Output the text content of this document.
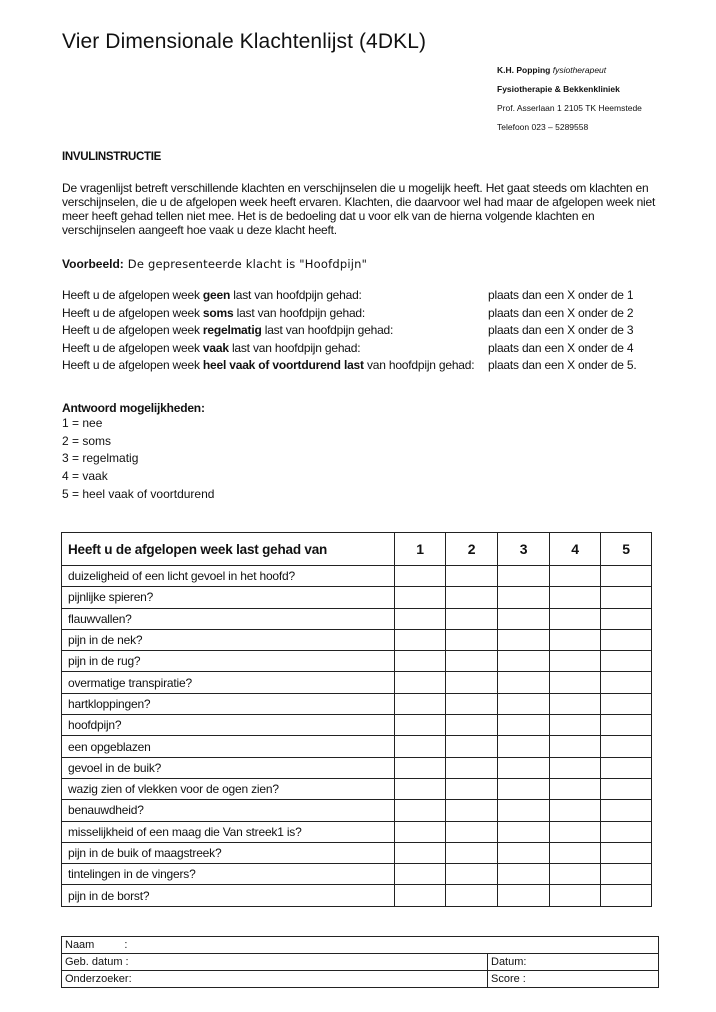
Vier Dimensionale Klachtenlijst (4DKL)
K.H. Popping fysiotherapeut
Fysiotherapie & Bekkenkliniek
Prof. Asserlaan 1 2105 TK Heemstede
Telefoon 023 – 5289558
INVULINSTRUCTIE

De vragenlijst betreft verschillende klachten en verschijnselen die u mogelijk heeft. Het gaat steeds om klachten en verschijnselen, die u de afgelopen week heeft ervaren. Klachten, die daarvoor wel had maar de afgelopen week niet meer heeft gehad tellen niet mee. Het is de bedoeling dat u voor elk van de hierna volgende klachten en verschijnselen aangeeft hoe vaak u deze klacht heeft.

Voorbeeld: De gepresenteerde klacht is "Hoofdpijn"
Heeft u de afgelopen week geen last van hoofdpijn gehad:	plaats dan een X onder de 1
Heeft u de afgelopen week soms last van hoofdpijn gehad:	plaats dan een X onder de 2
Heeft u de afgelopen week regelmatig last van hoofdpijn gehad:	plaats dan een X onder de 3
Heeft u de afgelopen week vaak last van hoofdpijn gehad:	plaats dan een X onder de 4
Heeft u de afgelopen week heel vaak of voortdurend last van hoofdpijn gehad: plaats dan een X onder de 5.
Antwoord mogelijkheden:
1 = nee
2 = soms
3 = regelmatig
4 = vaak
5 = heel vaak of voortdurend
Heeft u de afgelopen week last gehad van	1	2	3	4	5
duizeligheid of een licht gevoel in het hoofd?					
pijnlijke spieren?					
flauwvallen?					
pijn in de nek?					
pijn in de rug?					
overmatige transpiratie?					
hartkloppingen?					
hoofdpijn?					
een opgeblazen					
gevoel in de buik?					
wazig zien of vlekken voor de ogen zien?					
benauwdheid?					
misselijkheid of een maag die Van streek1 is?					
pijn in de buik of maagstreek?					
tintelingen in de vingers?					
pijn in de borst?					
Naam :	
Geb. datum :	Datum:
Onderzoeker:	Score :
